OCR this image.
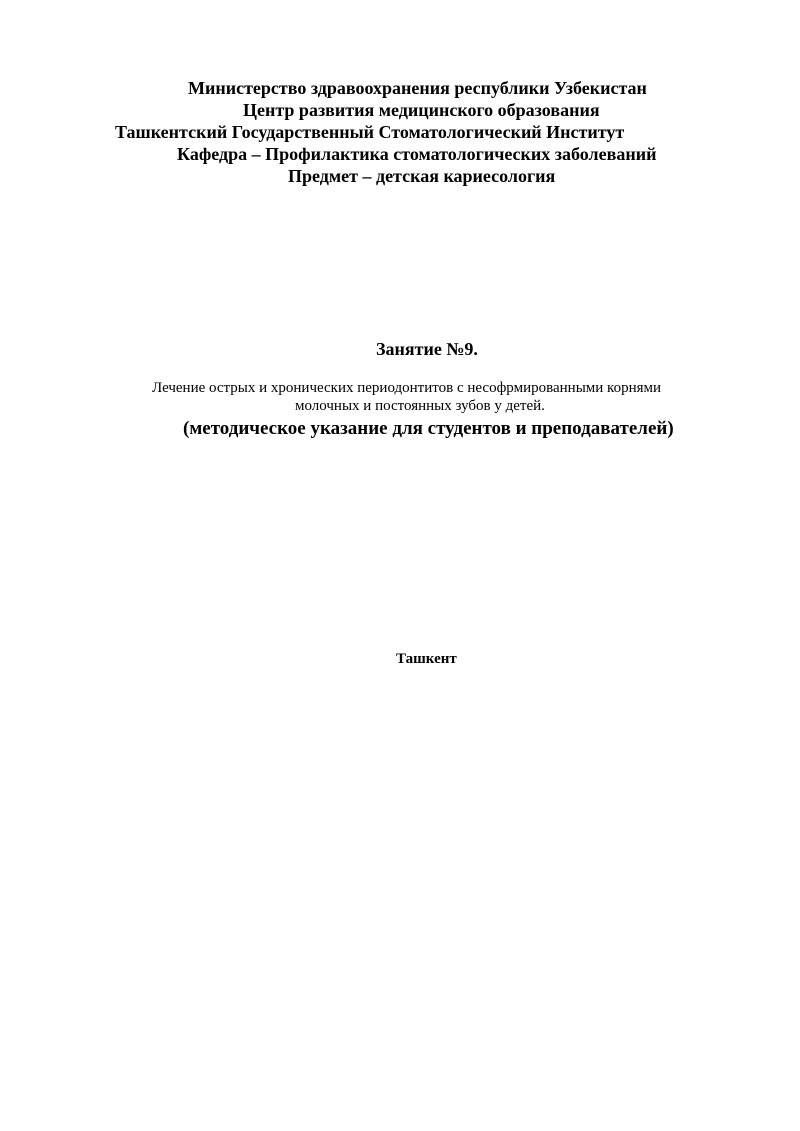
Министерство здравоохранения республики Узбекистан
Центр развития медицинского образования
Ташкентский Государственный Стоматологический Институт
Кафедра – Профилактика стоматологических заболеваний
Предмет – детская кариесология
Занятие №9.
Лечение острых и хронических периодонтитов с несофрмированными корнями
молочных и постоянных зубов у детей.
(методическое указание для студентов и преподавателей)
Ташкент
